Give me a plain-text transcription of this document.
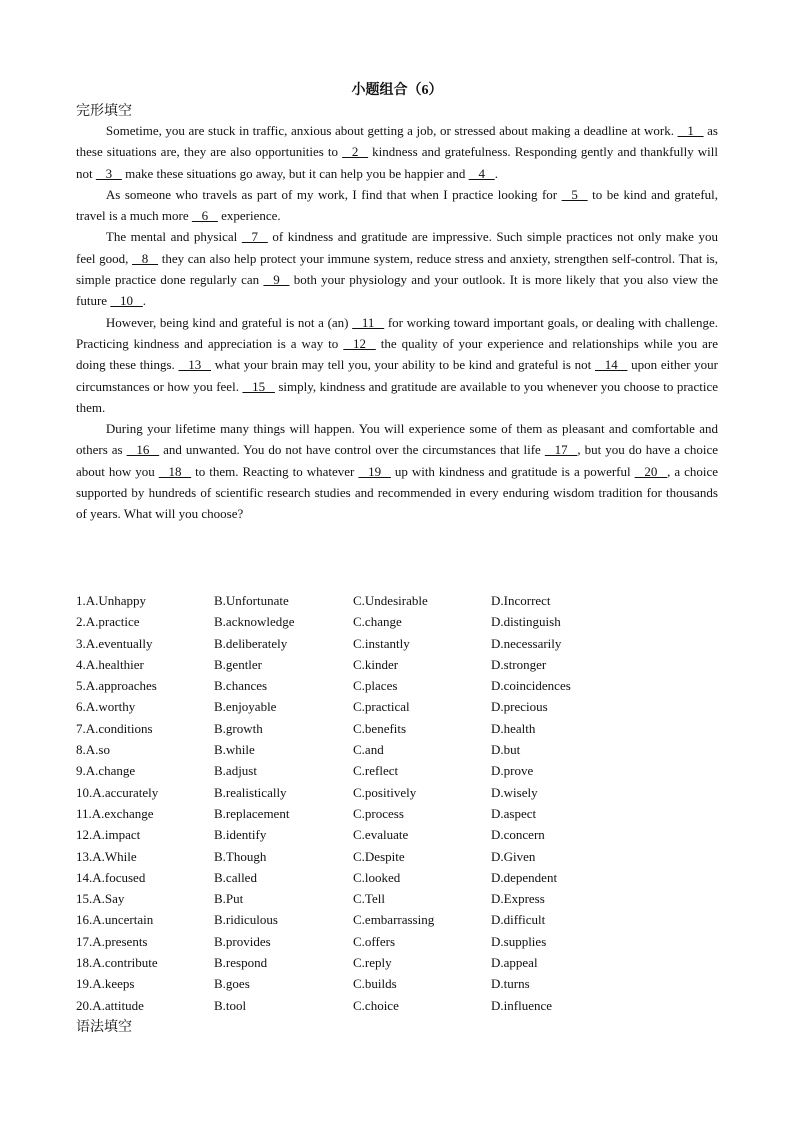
小题组合（6）
完形填空

Sometime, you are stuck in traffic, anxious about getting a job, or stressed about making a deadline at work.    1    as these situations are, they are also opportunities to    2    kindness and gratefulness. Responding gently and thankfully will not    3    make these situations go away, but it can help you be happier and    4   .

As someone who travels as part of my work, I find that when I practice looking for    5    to be kind and grateful, travel is a much more    6    experience.

The mental and physical    7    of kindness and gratitude are impressive. Such simple practices not only make you feel good,    8    they can also help protect your immune system, reduce stress and anxiety, strengthen self-control. That is, simple practice done regularly can    9    both your physiology and your outlook. It is more likely that you also view the future    10   .

However, being kind and grateful is not a (an)    11    for working toward important goals, or dealing with challenge. Practicing kindness and appreciation is a way to    12    the quality of your experience and relationships while you are doing these things.    13    what your brain may tell you, your ability to be kind and grateful is not    14    upon either your circumstances or how you feel.    15    simply, kindness and gratitude are available to you whenever you choose to practice them.

During your lifetime many things will happen. You will experience some of them as pleasant and comfortable and others as    16    and unwanted. You do not have control over the circumstances that life    17   , but you do have a choice about how you    18    to them. Reacting to whatever    19    up with kindness and gratitude is a powerful    20   , a choice supported by hundreds of scientific research studies and recommended in every enduring wisdom tradition for thousands of years. What will you choose?

1.A.Unhappy	B.Unfortunate	C.Undesirable	D.Incorrect
2.A.practice	B.acknowledge	C.change	D.distinguish
3.A.eventually	B.deliberately	C.instantly	D.necessarily
4.A.healthier	B.gentler	C.kinder	D.stronger
5.A.approaches	B.chances	C.places	D.coincidences
6.A.worthy	B.enjoyable	C.practical	D.precious
7.A.conditions	B.growth	C.benefits	D.health
8.A.so	B.while	C.and	D.but
9.A.change	B.adjust	C.reflect	D.prove
10.A.accurately	B.realistically	C.positively	D.wisely
11.A.exchange	B.replacement	C.process	D.aspect
12.A.impact	B.identify	C.evaluate	D.concern
13.A.While	B.Though	C.Despite	D.Given
14.A.focused	B.called	C.looked	D.dependent
15.A.Say	B.Put	C.Tell	D.Express
16.A.uncertain	B.ridiculous	C.embarrassing	D.difficult
17.A.presents	B.provides	C.offers	D.supplies
18.A.contribute	B.respond	C.reply	D.appeal
19.A.keeps	B.goes	C.builds	D.turns
20.A.attitude	B.tool	C.choice	D.influence
语法填空
